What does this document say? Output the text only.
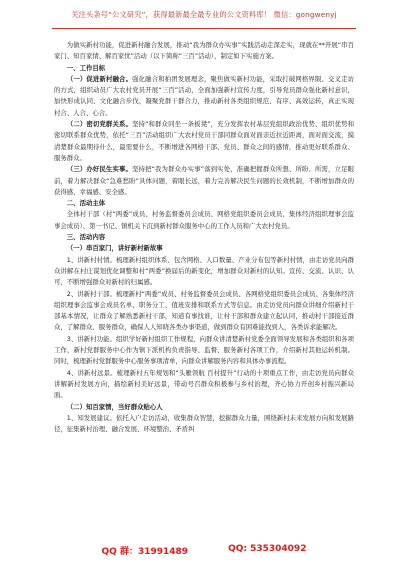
关注头条号“公文研究”，获得最新最全最专业的公文资料库！ 微信：gongwenyj

为做实新村功能，促进新村融合发展，推动“我为群众办实事”实践活动走深走实，现就在**开展“串百家门、知百家情、解百家忧”活动（以下简称“三百”活动），制定如下实施方案。

一、工作目标

（一）促进新村融合。强化融合和拍团发展理念，聚焦做实新村功能，采取打破网格界限、交叉走访的方式，组织动员广大农村党员开展“三百”活动，全面加强新村宣传力度，引导党员群众强化新村意识，加快形成认同、文化融合步伐，凝聚党群干群合力，推动新村各类组织规范、有序、高效运转，真正实现村合、人合、心合。

（二）密切党群关系。坚持“和群众同坐一条板凳”，充分发挥农村基层党组织政治优势、组织优势和密切联系群众优势，依托“三百”活动组织广大农村党员干部同群众面对面亲近拉近距离，面对面交流，摸清楚群众最期待什么，最需要什么，不断增进各网格干部、党员、群众之间的感情，推动更好联系群众、服务群众。

（三）办好民生实事。坚持把“我为群众办实事”落到实处，准确把握群众所想、所盼、所需，立足眼前，着力解决群众“急难愁盼”具体问题，着眼长远，着力完善解决民生问题的长效机制，不断增加群众的获得感、幸福感、安全感。

二、活动主体

全体村干部（村“两委”成员、村务监督委员会成员、网格党组织委员会成员、集体经济组织理事会监事会成员）、第一书记、镇机关下沉到新村群众服务中心的工作人员和广大农村党员。

三、活动内容

（一）串百家门，讲好新村新故事

1、讲新村村情。梳理新村组织体系、包含网格、人口数量、产业分布包等新村村情，由走访党员向群众讲解在村庄谋划优化调整和村“两委”换届后的新变化，增加群众对新村的认知。宣传、交流、认识、认可，不断增强群众对新村的归属感。

2、讲新村干部。梳理新村“两委”成员、村务监督委员会成员、各网格党组织委员会成员、各集体经济组织理事会监事会成员名单、职务分工、值班安排和联系方式等信息。由走访党员向群众讲细介绍新村干部基本情况，让群众了解熟悉新村干部，知道有事找谁，让村干部和群众建立起认同，推动村干部接近群众，了解群众、服务群众，确保人人知晓各类办事渠道，做到群众有困难能找到人，各类诉求能解决。

3、讲新村功能。组织学好新村组织工作规程，向群众讲清楚新村党委全面领导发展和各类组织和各项工作，新村党群服务中心作为镇下派机构负责指导、监督、服务新村各项工作，介绍新村其他运转机制。同时，梳理新村党群服务中心服务事项清单，向群众讲解服务内容和具体办事流程。

4、讲新村远景。梳理新村五年规划和“头雁领航 百村提升”行动的十项重点工作，由走访党员向群众讲解新村发展方向，描绘新村美好远景，带动号召群众积极参与乡村治理，齐心协力开创乡村振兴新局面。

（二）知百家情，当好群众贴心人

1、知发展建议。依托入户走访活动，收集群众智慧，挖掘群众力量，围绕新村未来发展方向和发展路径，征集新村治理、融合发展、环境整治、矛盾纠

QQ 群：31991489	QQ: 535304092
